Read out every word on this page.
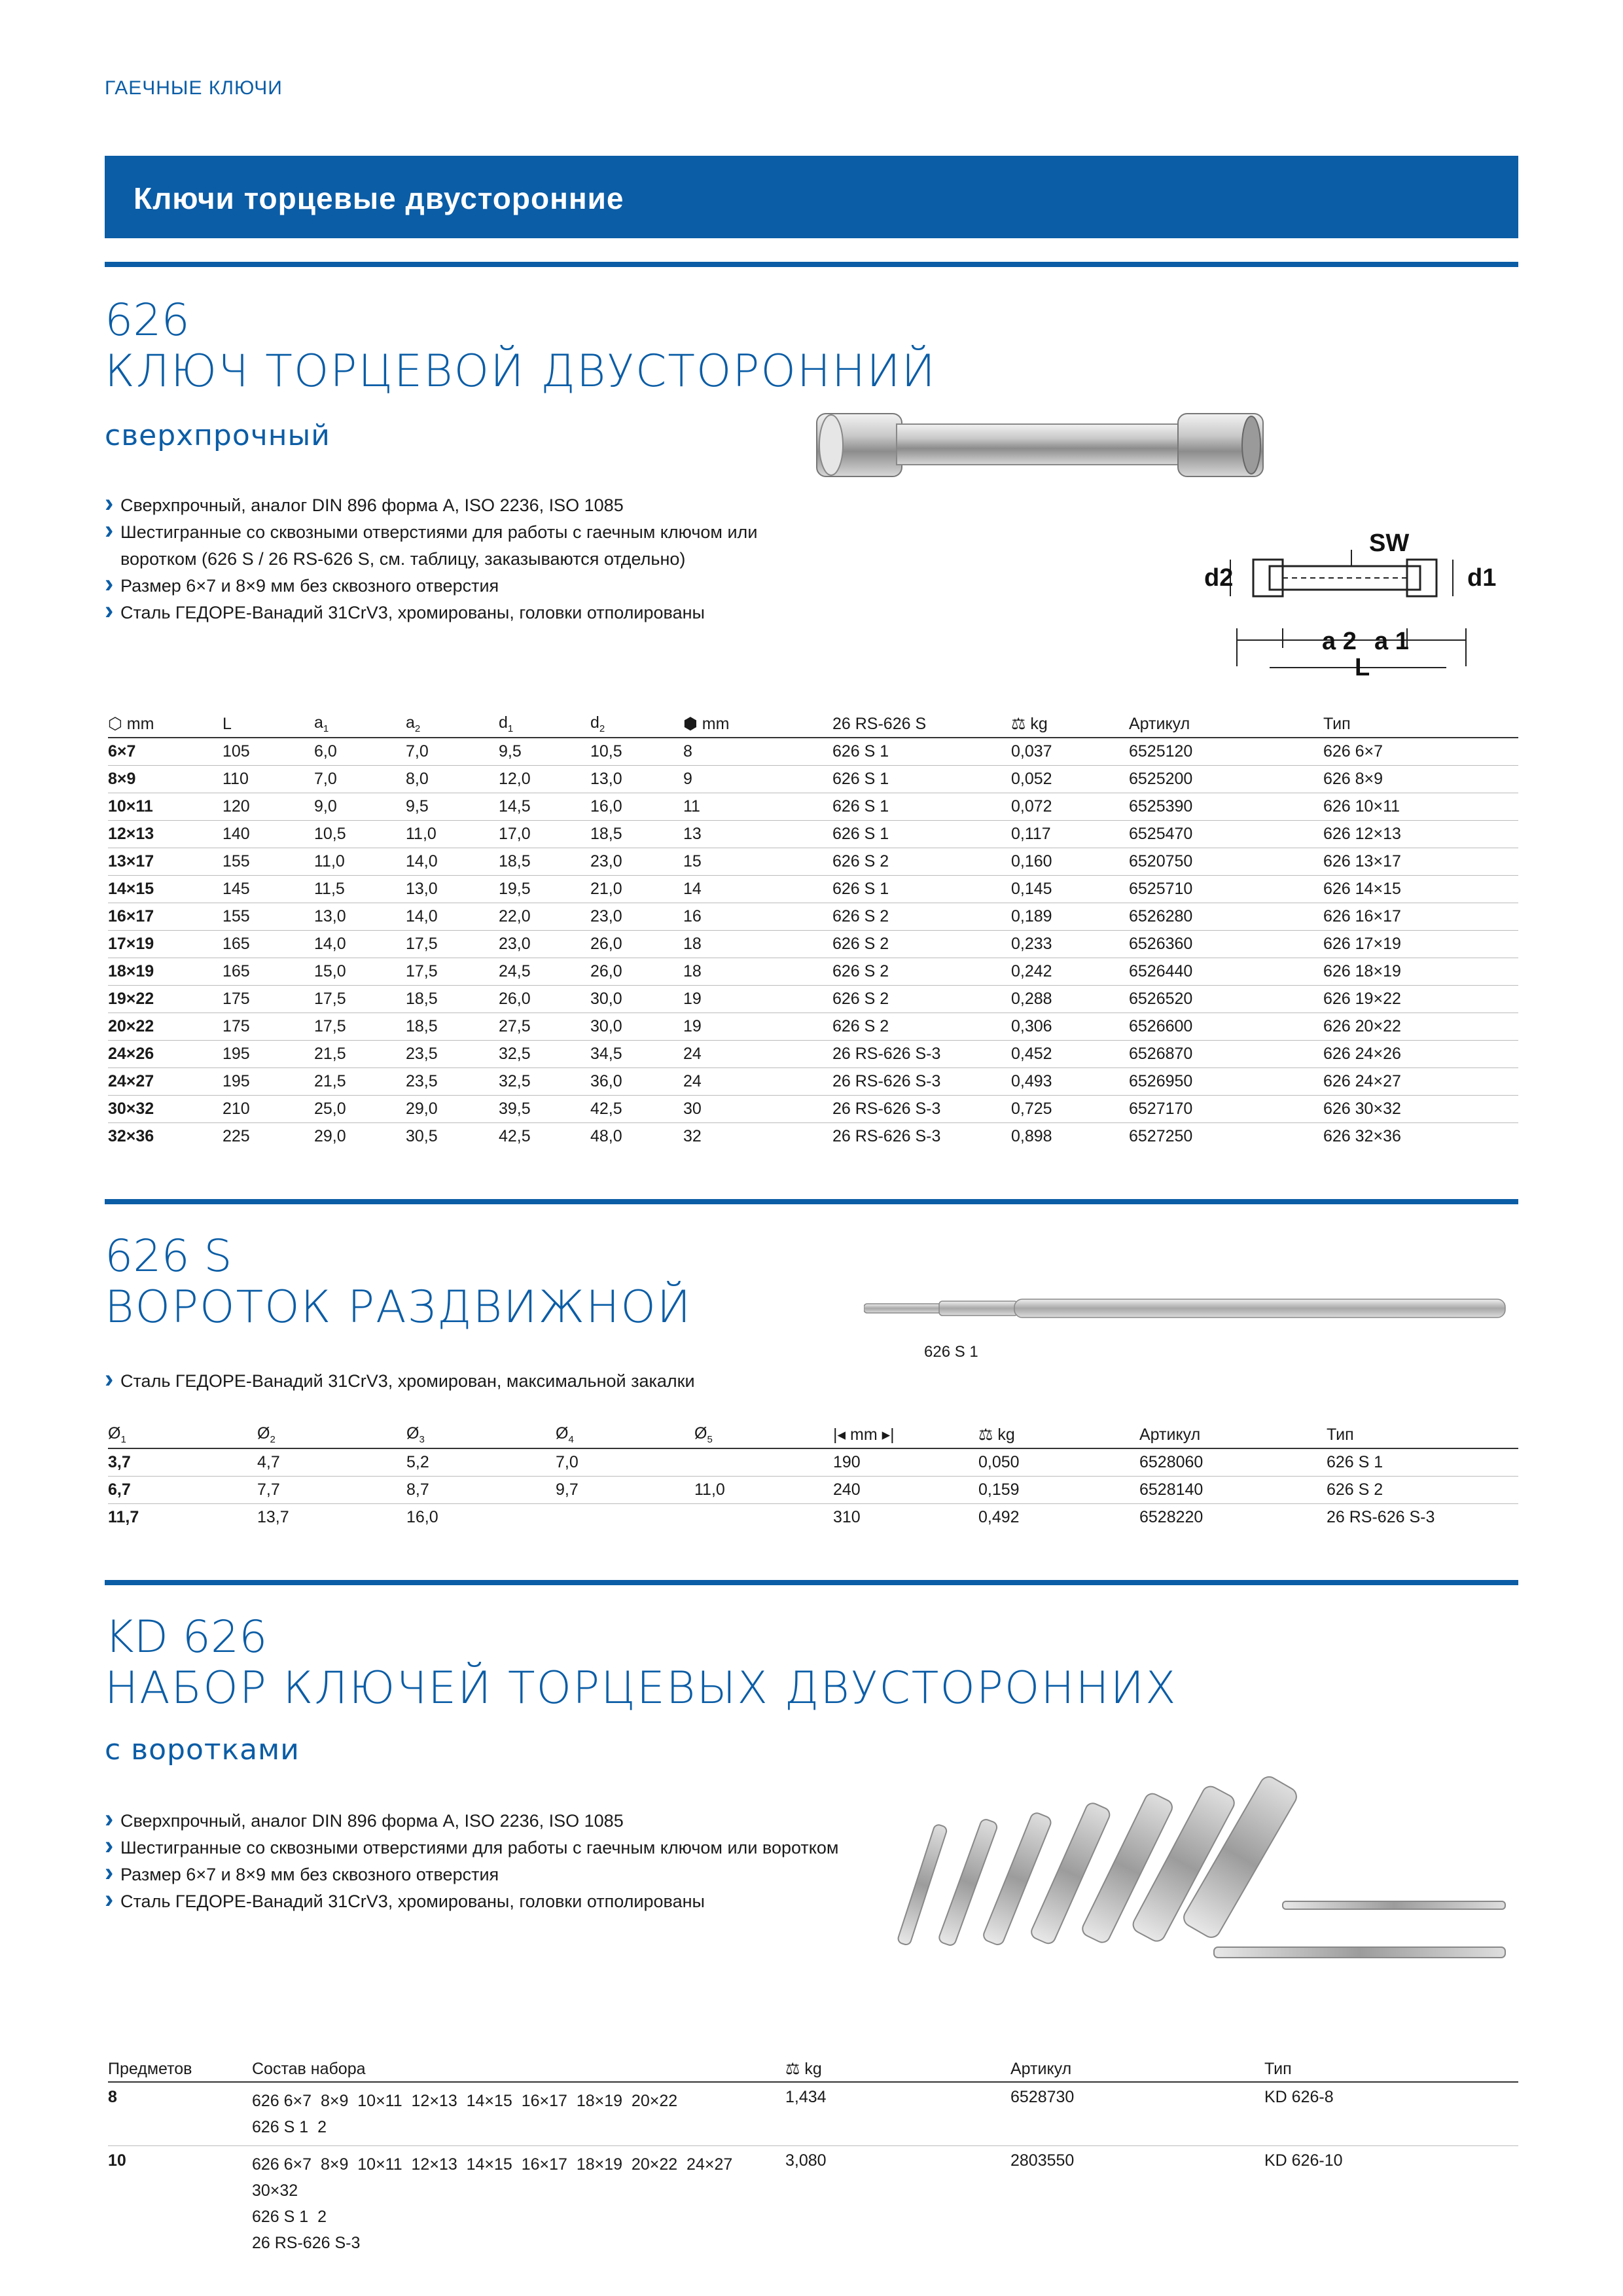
ГАЕЧНЫЕ КЛЮЧИ
Ключи торцевые двусторонние
626
КЛЮЧ ТОРЦЕВОЙ ДВУСТОРОННИЙ
сверхпрочный
› Сверхпрочный, аналог DIN 896 форма A, ISO 2236, ISO 1085
› Шестигранные со сквозными отверстиями для работы с гаечным ключом или
воротком (626 S / 26 RS-626 S, см. таблицу, заказываются отдельно)
› Размер 6×7 и 8×9 мм без сквозного отверстия
› Сталь ГЕДОРЕ-Ванадий 31CrV3, хромированы, головки отполированы
d2
SW
d1
a 2 a 1
L
⬡ mm	L	$a_1$	$a_2$	$d_1$	$d_2$	⬢ mm	26 RS-626 S	⚖ kg	Артикул	Тип
6×7	105	6,0	7,0	9,5	10,5	8	626 S 1	0,037	6525120	626 6×7
8×9	110	7,0	8,0	12,0	13,0	9	626 S 1	0,052	6525200	626 8×9
10×11	120	9,0	9,5	14,5	16,0	11	626 S 1	0,072	6525390	626 10×11
12×13	140	10,5	11,0	17,0	18,5	13	626 S 1	0,117	6525470	626 12×13
13×17	155	11,0	14,0	18,5	23,0	15	626 S 2	0,160	6520750	626 13×17
14×15	145	11,5	13,0	19,5	21,0	14	626 S 1	0,145	6525710	626 14×15
16×17	155	13,0	14,0	22,0	23,0	16	626 S 2	0,189	6526280	626 16×17
17×19	165	14,0	17,5	23,0	26,0	18	626 S 2	0,233	6526360	626 17×19
18×19	165	15,0	17,5	24,5	26,0	18	626 S 2	0,242	6526440	626 18×19
19×22	175	17,5	18,5	26,0	30,0	19	626 S 2	0,288	6526520	626 19×22
20×22	175	17,5	18,5	27,5	30,0	19	626 S 2	0,306	6526600	626 20×22
24×26	195	21,5	23,5	32,5	34,5	24	26 RS-626 S-3	0,452	6526870	626 24×26
24×27	195	21,5	23,5	32,5	36,0	24	26 RS-626 S-3	0,493	6526950	626 24×27
30×32	210	25,0	29,0	39,5	42,5	30	26 RS-626 S-3	0,725	6527170	626 30×32
32×36	225	29,0	30,5	42,5	48,0	32	26 RS-626 S-3	0,898	6527250	626 32×36
626 S
ВОРОТОК РАЗДВИЖНОЙ
626 S 1
› Сталь ГЕДОРЕ-Ванадий 31CrV3, хромирован, максимальной закалки
$Ø_1$	$Ø_2$	$Ø_3$	$Ø_4$	$Ø_5$	|◂ mm ▸|	⚖ kg	Артикул	Тип
3,7	4,7	5,2	7,0		190	0,050	6528060	626 S 1
6,7	7,7	8,7	9,7	11,0	240	0,159	6528140	626 S 2
11,7	13,7	16,0			310	0,492	6528220	26 RS-626 S-3
KD 626
НАБОР КЛЮЧЕЙ ТОРЦЕВЫХ ДВУСТОРОННИХ
с воротками
› Сверхпрочный, аналог DIN 896 форма A, ISO 2236, ISO 1085
› Шестигранные со сквозными отверстиями для работы с гаечным ключом или воротком
› Размер 6×7 и 8×9 мм без сквозного отверстия
› Сталь ГЕДОРЕ-Ванадий 31CrV3, хромированы, головки отполированы
Предметов	Состав набора	⚖ kg	Артикул	Тип
8	626 6×7  8×9  10×11  12×13  14×15  16×17  18×19  20×22
626 S 1  2	1,434	6528730	KD 626-8
10	626 6×7  8×9  10×11  12×13  14×15  16×17  18×19  20×22  24×27
30×32
626 S 1  2
26 RS-626 S-3	3,080	2803550	KD 626-10
